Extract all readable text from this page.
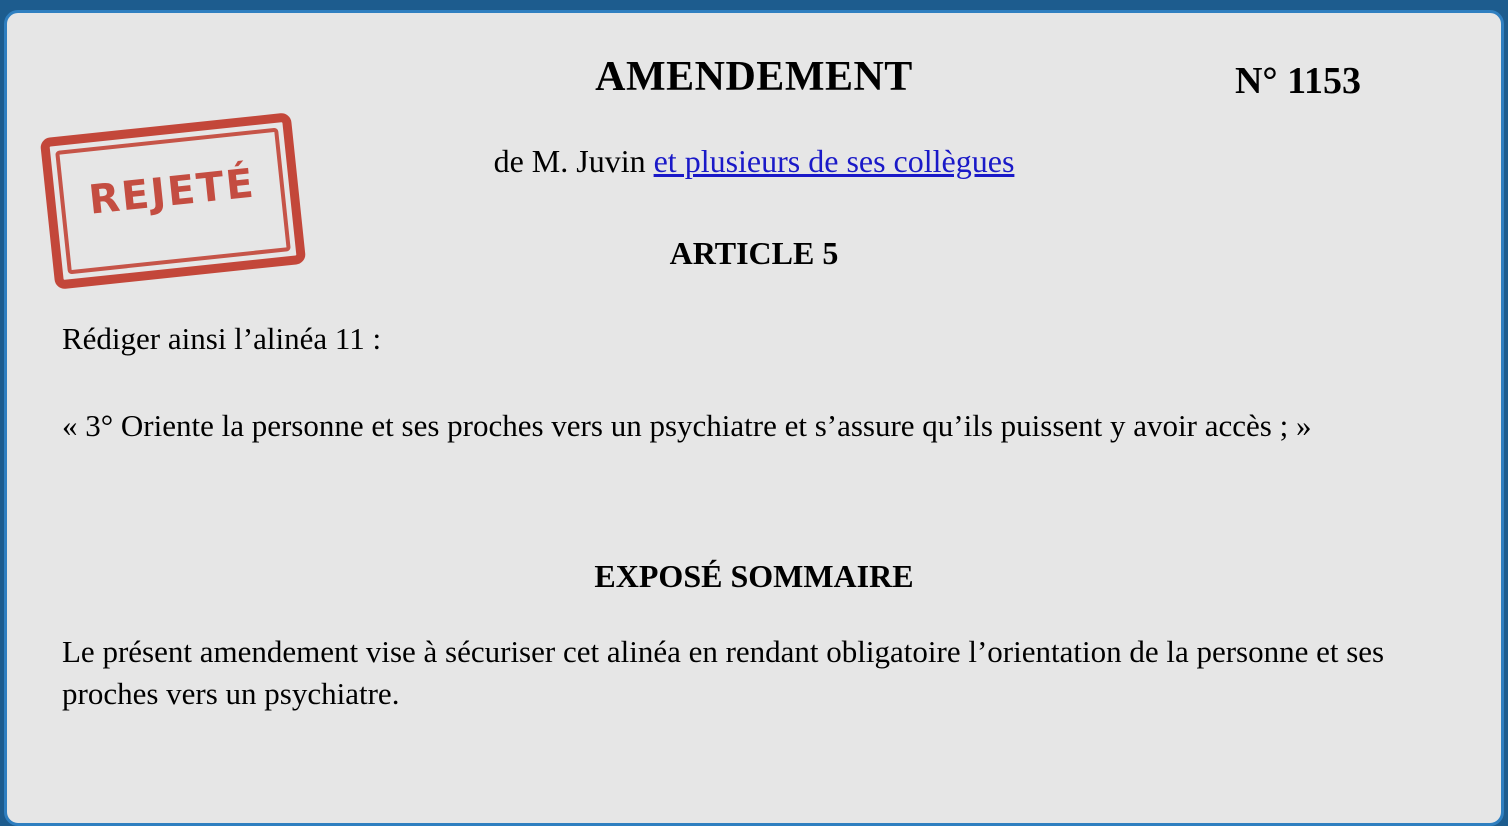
AMENDEMENT	N° 1153
de M. Juvin et plusieurs de ses collègues
ARTICLE 5
Rédiger ainsi l’alinéa 11 :
« 3° Oriente la personne et ses proches vers un psychiatre et s’assure qu’ils puissent y avoir accès ; »
EXPOSÉ SOMMAIRE
Le présent amendement vise à sécuriser cet alinéa en rendant obligatoire l’orientation de la personne et ses proches vers un psychiatre.
REJETÉ
